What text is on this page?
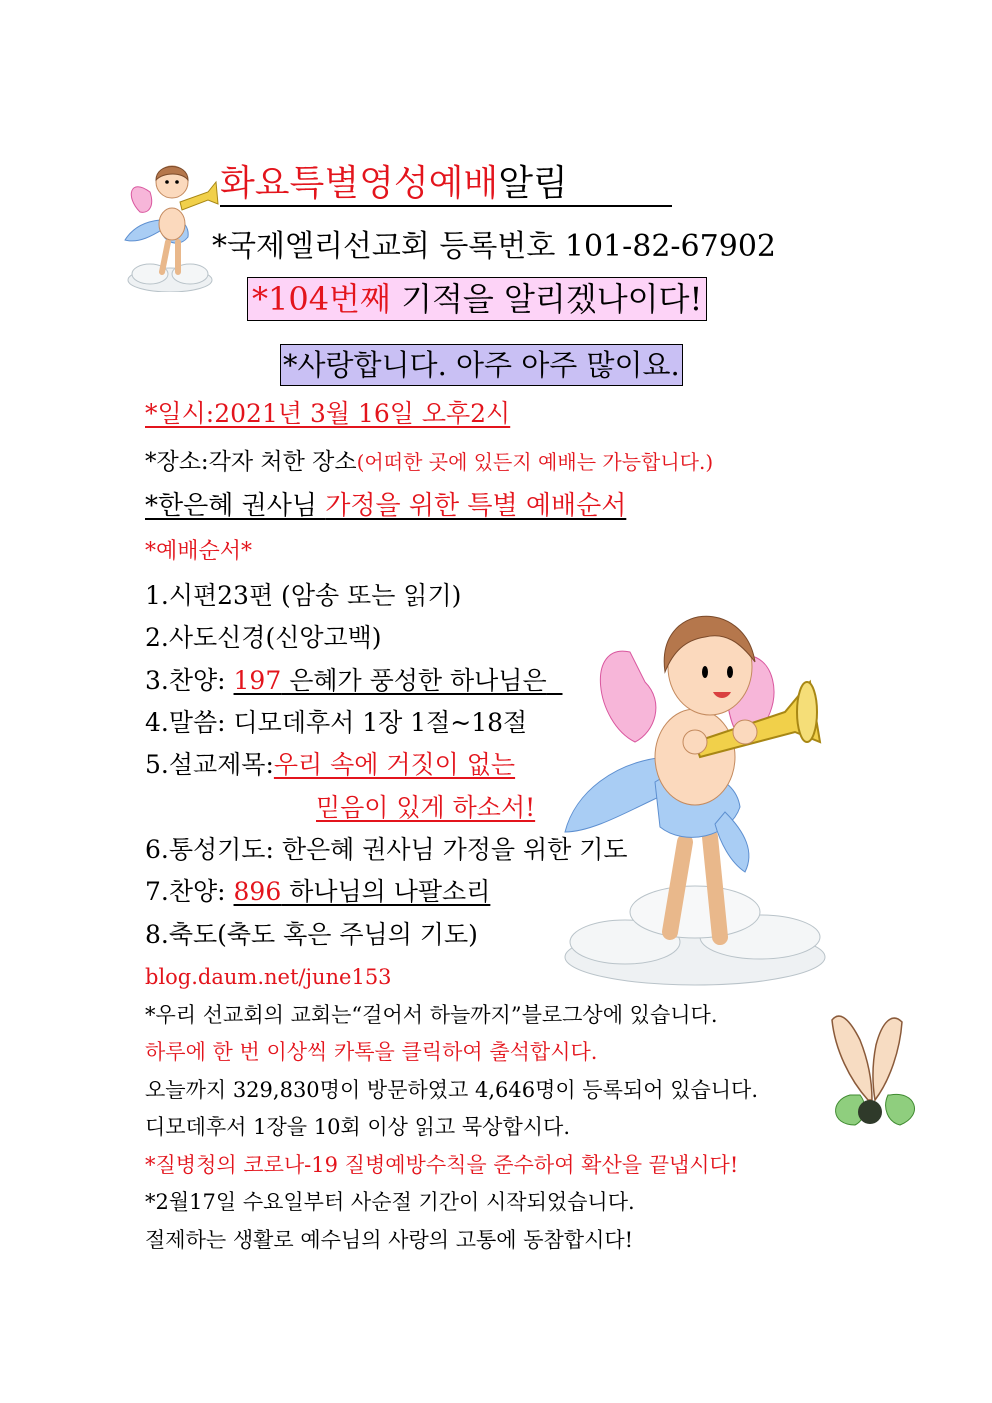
화요특별영성예배알림
*국제엘리선교회 등록번호 101-82-67902
*104번째 기적을 알리겠나이다!
*사랑합니다. 아주 아주 많이요.
*일시:2021년 3월 16일 오후2시
*장소:각자 처한 장소(어떠한 곳에 있든지 예배는 가능합니다.)
*한은혜 권사님 가정을 위한 특별 예배순서
*예배순서*
1.시편23편 (암송 또는 읽기)
2.사도신경(신앙고백)
3.찬양: 197 은혜가 풍성한 하나님은
4.말씀: 디모데후서 1장 1절~18절
5.설교제목:우리 속에 거짓이 없는
믿음이 있게 하소서!
6.통성기도: 한은혜 권사님 가정을 위한 기도
7.찬양: 896 하나님의 나팔소리
8.축도(축도 혹은 주님의 기도)
blog.daum.net/june153
*우리 선교회의 교회는“걸어서 하늘까지”블로그상에 있습니다.
하루에 한 번 이상씩 카톡을 클릭하여 출석합시다.
오늘까지 329,830명이 방문하였고 4,646명이 등록되어 있습니다.
디모데후서 1장을 10회 이상 읽고 묵상합시다.
*질병청의 코로나-19 질병예방수칙을 준수하여 확산을 끝냅시다!
*2월17일 수요일부터 사순절 기간이 시작되었습니다.
절제하는 생활로 예수님의 사랑의 고통에 동참합시다!
